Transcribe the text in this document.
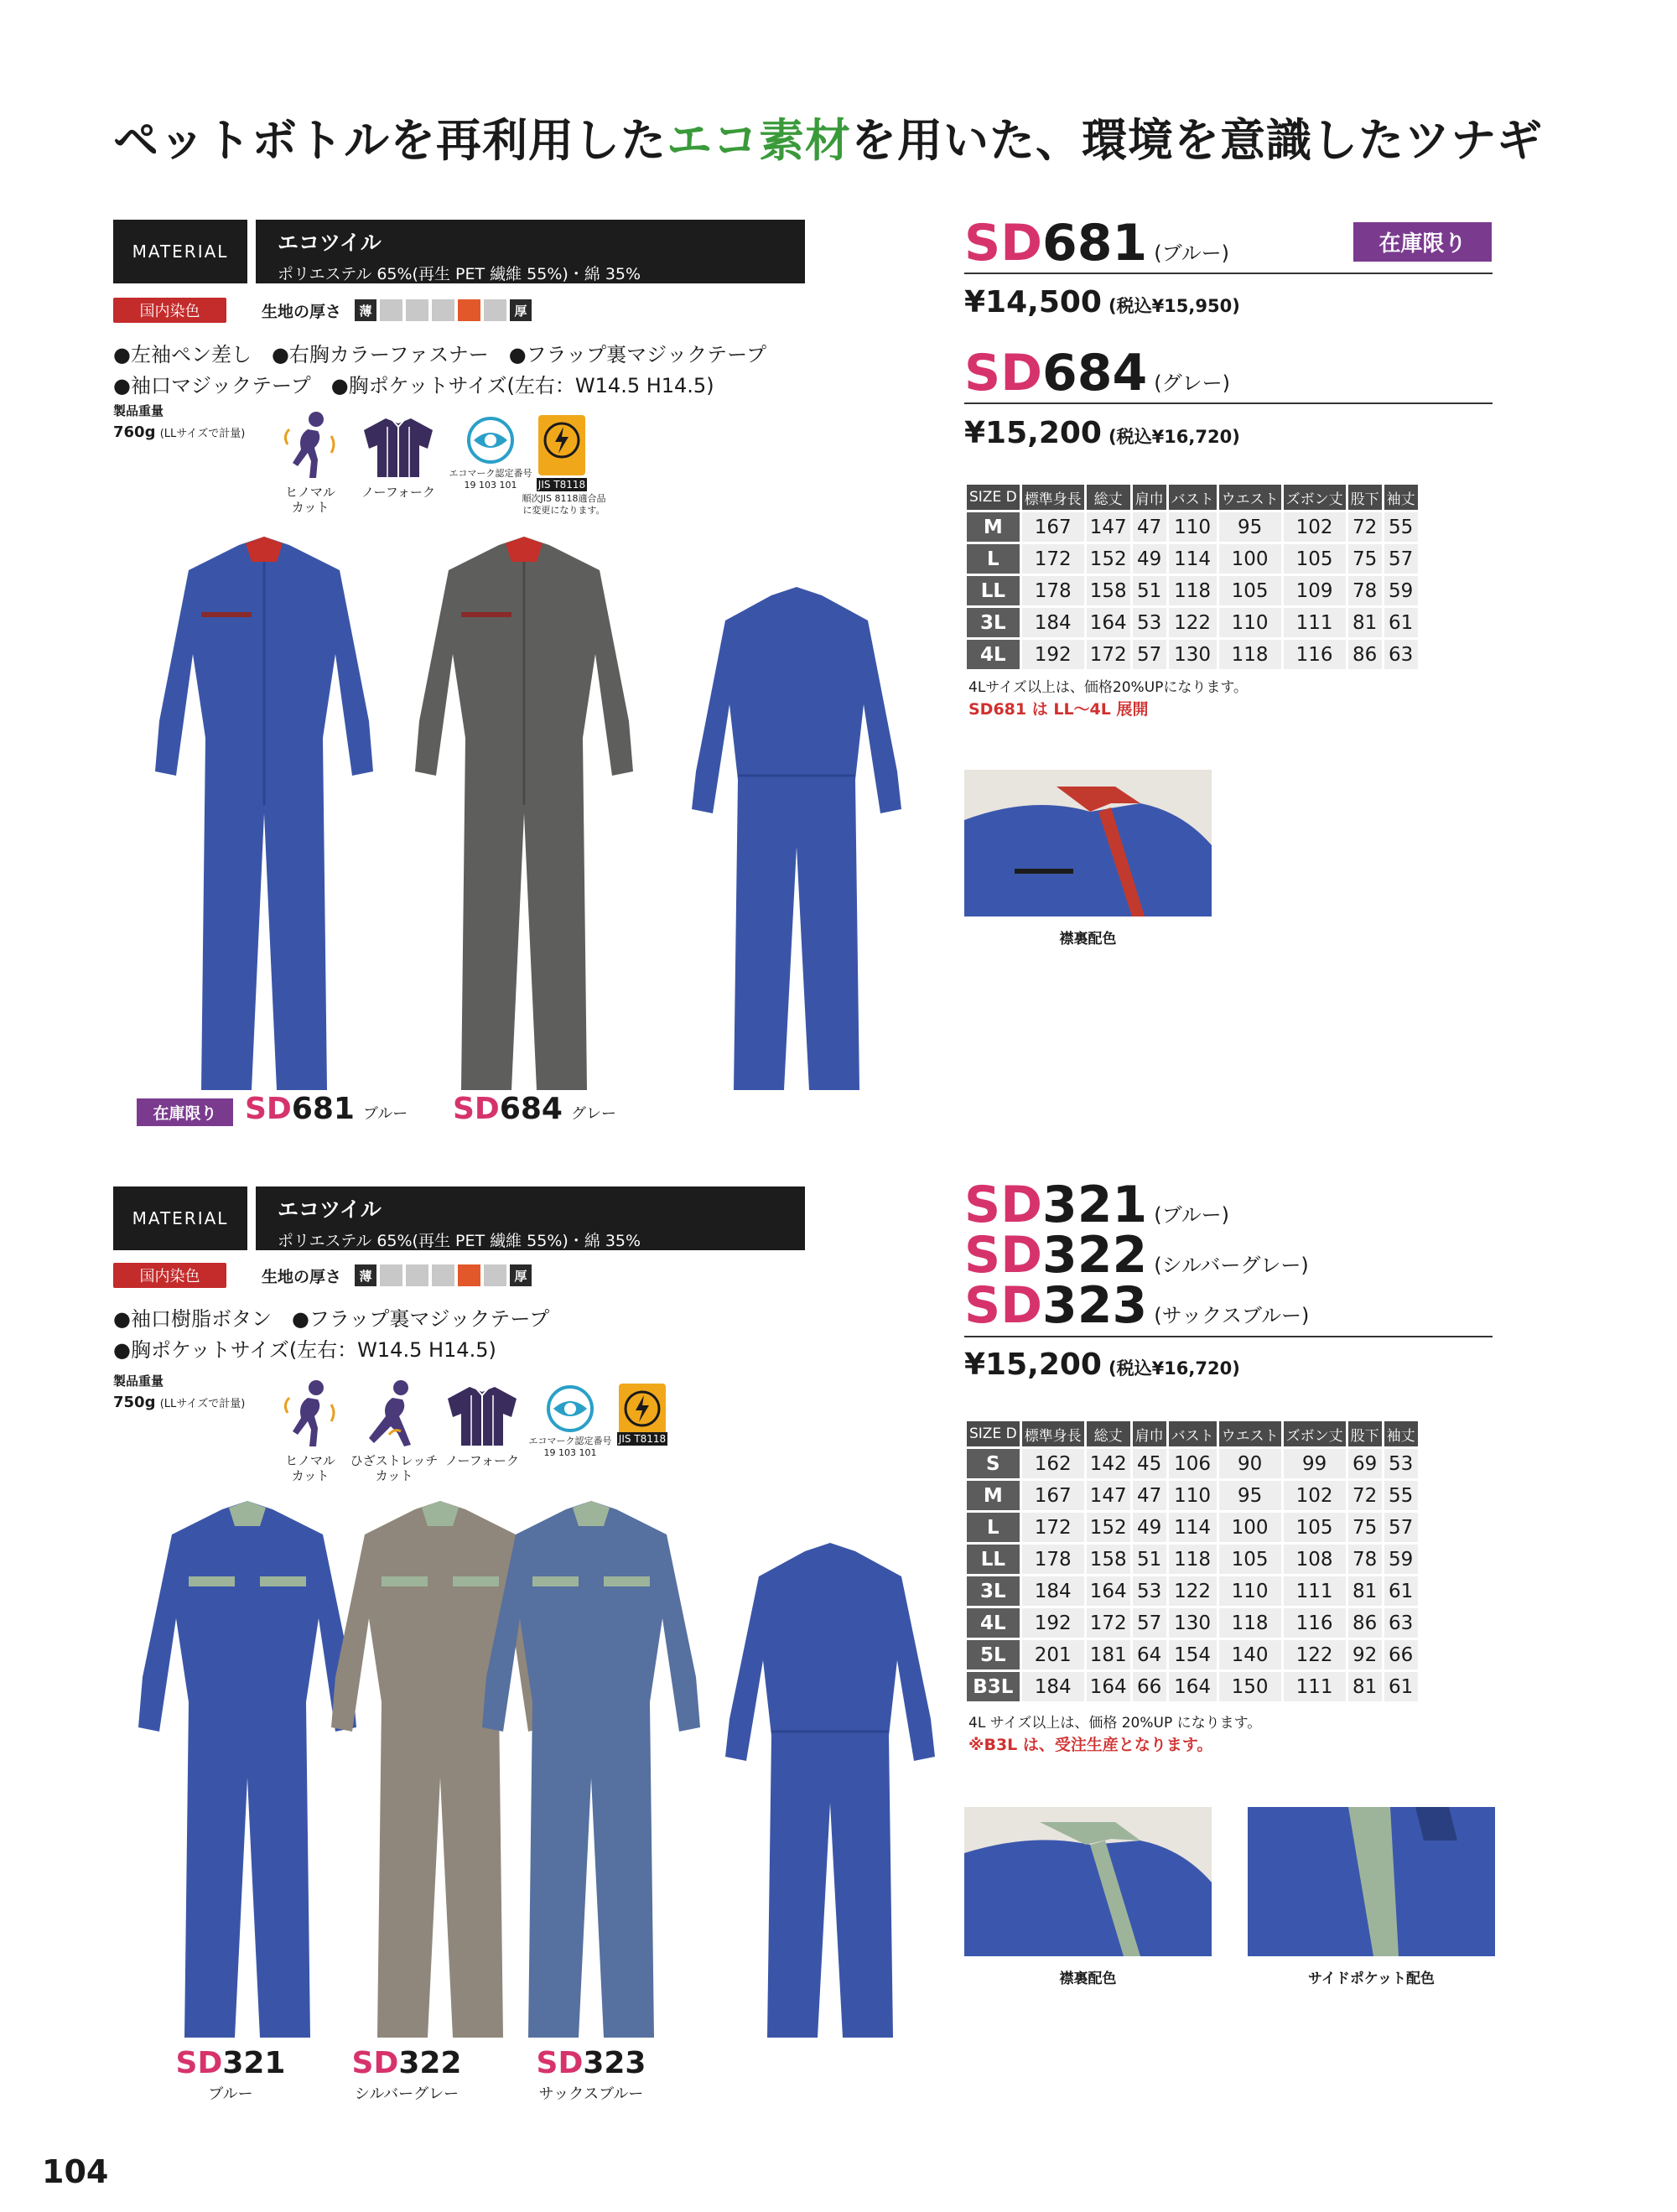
ペットボトルを再利用したエコ素材を用いた、環境を意識したツナギ
MATERIAL	エコツイル
ポリエステル 65%(再生 PET 繊維 55%)・綿 35%
国内染色	生地の厚さ	薄	厚
●左袖ペン差し　●右胸カラーファスナー　●フラップ裏マジックテープ
●袖口マジックテープ　●胸ポケットサイズ(左右：W14.5 H14.5)
製品重量
760g (LLサイズで計量)
ヒノマル
カット
ノーフォーク
エコマーク認定番号
19 103 101	JIS T8118
順次JIS 8118適合品
に変更になります。
SD681 (ブルー)	在庫限り
¥14,500 (税込¥15,950)
SD684 (グレー)
¥15,200 (税込¥16,720)
SIZE D	標準身長	総丈	肩巾	バスト	ウエスト	ズボン丈	股下	袖丈
M	167	147	47	110	95	102	72	55
L	172	152	49	114	100	105	75	57
LL	178	158	51	118	105	109	78	59
3L	184	164	53	122	110	111	81	61
4L	192	172	57	130	118	116	86	63
4Lサイズ以上は、価格20%UPになります。
SD681 は LL〜4L 展開
襟裏配色
在庫限り SD681 ブルー SD684 グレー
MATERIAL	エコツイル
ポリエステル 65%(再生 PET 繊維 55%)・綿 35%
国内染色	生地の厚さ	薄	厚
●袖口樹脂ボタン　●フラップ裏マジックテープ
●胸ポケットサイズ(左右：W14.5 H14.5)
製品重量
750g (LLサイズで計量)
ヒノマル
カット
ひざストレッチ
カット
ノーフォーク
エコマーク認定番号
19 103 101
JIS T8118
SD321 (ブルー)
SD322 (シルバーグレー)
SD323 (サックスブルー)
¥15,200 (税込¥16,720)
SIZE D	標準身長	総丈	肩巾	バスト	ウエスト	ズボン丈	股下	袖丈
S	162	142	45	106	90	99	69	53
M	167	147	47	110	95	102	72	55
L	172	152	49	114	100	105	75	57
LL	178	158	51	118	105	108	78	59
3L	184	164	53	122	110	111	81	61
4L	192	172	57	130	118	116	86	63
5L	201	181	64	154	140	122	92	66
B3L	184	164	66	164	150	111	81	61
4L サイズ以上は、価格 20%UP になります。
※B3L は、受注生産となります。
襟裏配色	サイドポケット配色
SD321
ブルー
SD322
シルバーグレー
SD323
サックスブルー
104
